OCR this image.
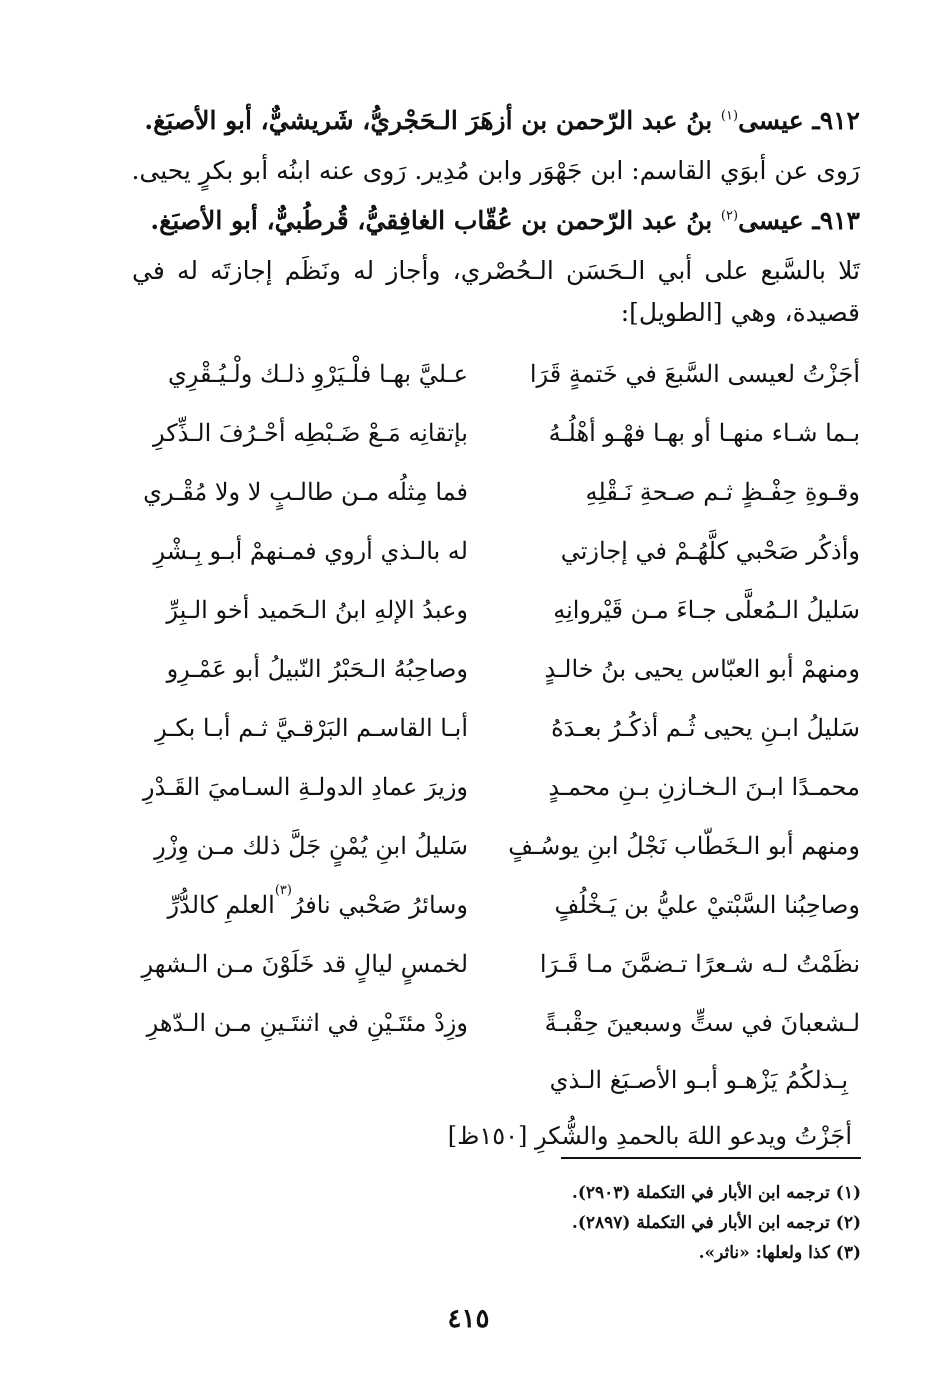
٩١٢ـ عيسى$^{(١)}$ بنُ عبد الرّحمن بن أزهَرَ الـحَجْريُّ، شَريشيٌّ، أبو الأصبَغ.
رَوى عن أبوَي القاسم: ابن جَهْوَر وابن مُدِير. رَوى عنه ابنُه أبو بكرٍ يحيى.
٩١٣ـ عيسى$^{(٢)}$ بنُ عبد الرّحمن بن عُقّاب الغافِقيُّ، قُرطُبيٌّ، أبو الأصبَغ.
تَلا بالسَّبع على أبي الـحَسَن الـحُصْري، وأجاز له ونَظَم إجازتَه له في قصيدة، وهي [الطويل]:
أجَزْتُ لعيسى السَّبعَ في خَتمةٍ قَرَا
عـليَّ بهـا فلْـيَرْوِ ذلـك ولْـيُـقْرِي
بـما شـاء منهـا أو بهـا فهْـو أهْلُـهُ
بإتقانِه مَـعْ ضَـبْطِه أحْـرُفَ الـذِّكرِ
وقـوةِ حِفْـظٍ ثـم صـحةِ نَـقْلِهِ
فما مِثلُه مـن طالـبٍ لا ولا مُقْـري
وأذكُر صَحْبي كلَّهُـمْ في إجازتي
له بالـذي أروي فمـنهمْ أبـو بِـشْرِ
سَليلُ الـمُعلَّى جـاءَ مـن قَيْروانِهِ
وعبدُ الإلهِ ابنُ الـحَميد أخو الـبِرِّ
ومنهمْ أبو العبّاس يحيى بنُ خالـدٍ
وصاحِبُهُ الـحَبْرُ النّبيلُ أبو عَمْـرِو
سَليلُ ابـنِ يحيى ثُـم أذكُـرُ بعـدَهُ
أبـا القاسـم البَرْقـيَّ ثـم أبـا بكـرِ
محمـدًا ابـنَ الـخـازنِ بـنِ محمـدٍ
وزيرَ عمادِ الدولـةِ السـاميَ القَـدْرِ
ومنهم أبو الـخَطّاب نَجْلُ ابنِ يوسُـفٍ
سَليلُ ابنِ يُمْنٍ جَلَّ ذلك مـن وِزْرِ
وصاحِبُنا السَّبْتيْ عليُّ بن يَـخْلُفٍ
وسائرُ صَحْبي نافرُ
(٣)
العلمِ كالدُّرِّ
نظَمْتُ لـه شـعرًا تـضمَّنَ مـا قَـرَا
لخمسٍ ليالٍ قد خَلَوْنَ مـن الـشهرِ
لـشعبانَ في ستٍّ وسبعينَ حِقْبـةً
وزِدْ مئتَـيْنِ في اثنتَـينِ مـن الـدّهرِ
بِـذلكُمُ يَزْهـو أبـو الأصـبَغ الـذي
أجَزْتُ ويدعو اللهَ بالحمدِ والشُّكرِ [١٥٠ظ]
(١) ترجمه ابن الأبار في التكملة (٢٩٠٣).
(٢) ترجمه ابن الأبار في التكملة (٢٨٩٧).
(٣) كذا ولعلها: «ناثر».
٤١٥
